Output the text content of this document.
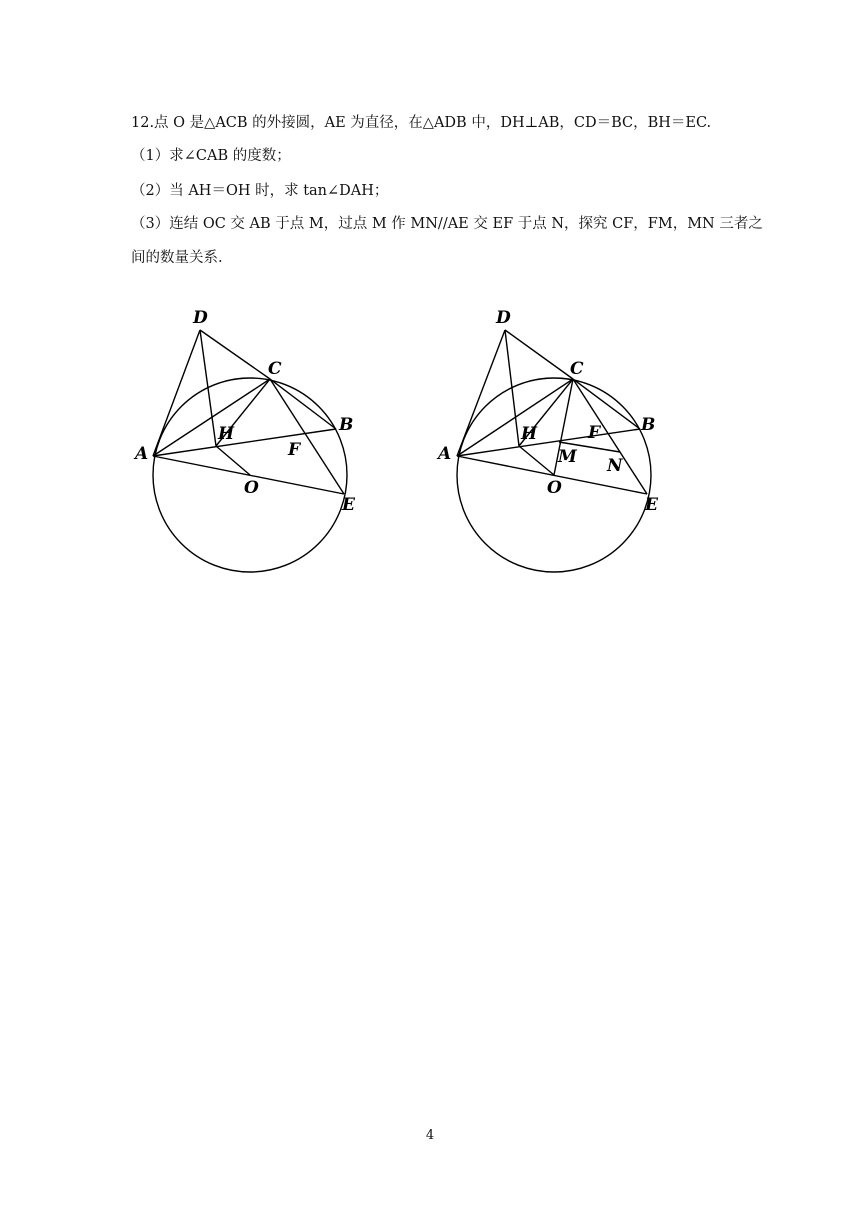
12.点 O 是△ACB 的外接圆，AE 为直径，在△ADB 中，DH⊥AB，CD＝BC，BH＝EC.
（1）求∠CAB 的度数；
（2）当 AH＝OH 时，求 tan∠DAH；
（3）连结 OC 交 AB 于点 M，过点 M 作 MN//AE 交 EF 于点 N，探究 CF，FM，MN 三者之
间的数量关系.
D
C
B
A
H
F
O
E
D
C
B
A
H	F
M N
O
E
4
